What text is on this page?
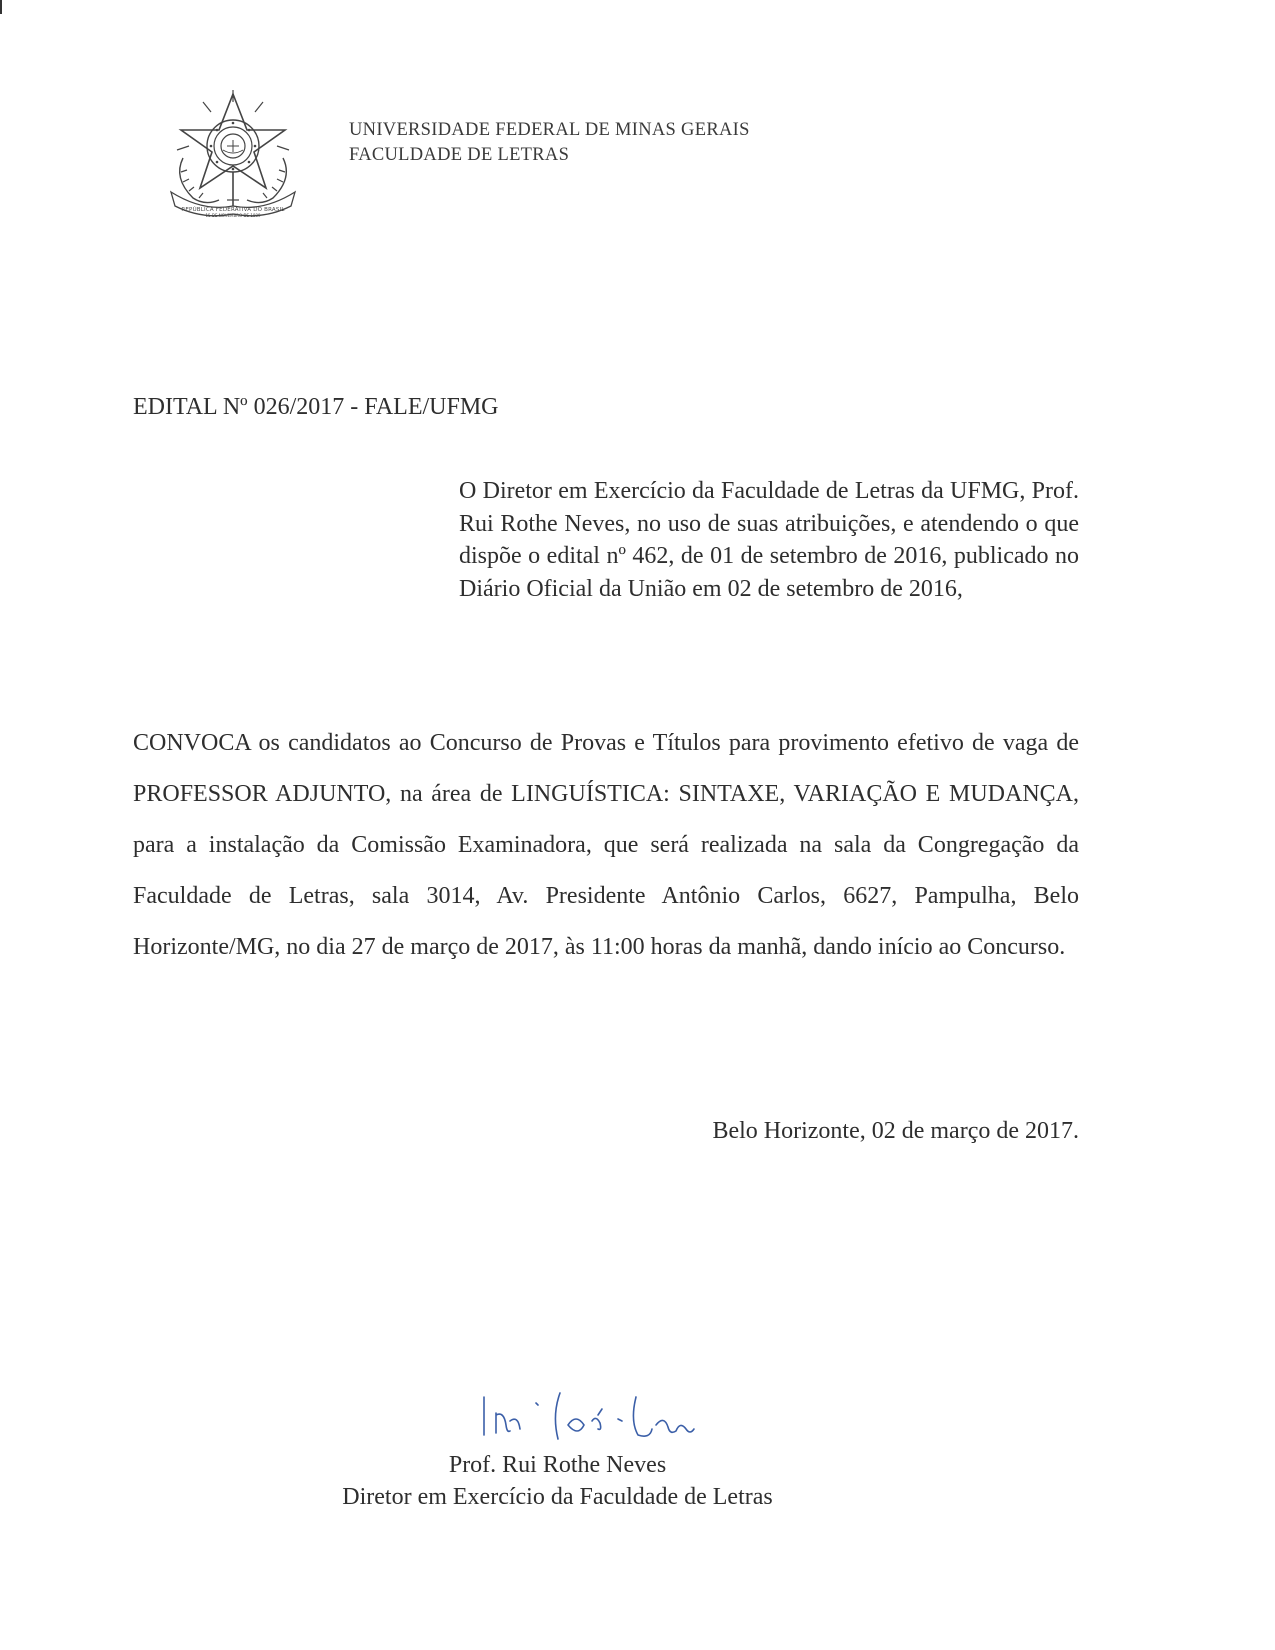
REPÚBLICA FEDERATIVA DO BRASIL
15 DE NOVEMBRO DE 1889
UNIVERSIDADE FEDERAL DE MINAS GERAIS
FACULDADE DE LETRAS
EDITAL Nº 026/2017 - FALE/UFMG
O Diretor em Exercício da Faculdade de Letras da UFMG, Prof. Rui Rothe Neves, no uso de suas atribuições, e atendendo o que dispõe o edital nº 462, de 01 de setembro de 2016, publicado no Diário Oficial da União em 02 de setembro de 2016,
CONVOCA os candidatos ao Concurso de Provas e Títulos para provimento efetivo de vaga de PROFESSOR ADJUNTO, na área de LINGUÍSTICA: SINTAXE, VARIAÇÃO E MUDANÇA, para a instalação da Comissão Examinadora, que será realizada na sala da Congregação da Faculdade de Letras, sala 3014, Av. Presidente Antônio Carlos, 6627, Pampulha, Belo Horizonte/MG, no dia 27 de março de 2017, às 11:00 horas da manhã, dando início ao Concurso.
Belo Horizonte, 02 de março de 2017.
Prof. Rui Rothe Neves
Diretor em Exercício da Faculdade de Letras
